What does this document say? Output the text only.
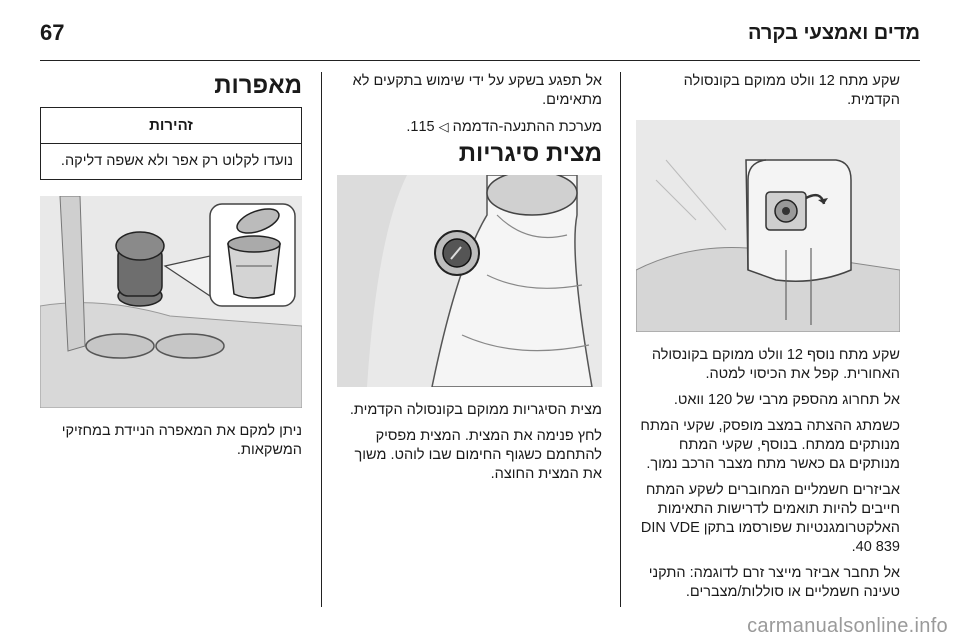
67	מדים ואמצעי בקרה

שקע מתח 12 וולט ממוקם בקונסולה הקדמית.

שקע מתח נוסף 12 וולט ממוקם בקונסולה האחורית. קפל את הכיסוי למטה.

אל תחרוג מהספק מרבי של 120 וואט.

כשמתג ההצתה במצב מופסק, שקעי המתח מנותקים ממתח. בנוסף, שקעי המתח מנותקים גם כאשר מתח מצבר הרכב נמוך.

אביזרים חשמליים המחוברים לשקע המתח חייבים להיות תואמים לדרישות התאימות האלקטרומגנטיות שפורסמו בתקן DIN VDE 40 839.

אל תחבר אביזר מייצר זרם לדוגמה: התקני טעינה חשמליים או סוללות/מצברים.

אל תפגע בשקע על ידי שימוש בתקעים לא מתאימים.

מערכת ההתנעה-הדממה ◁ 115.

מצית סיגריות

מצית הסיגריות ממוקם בקונסולה הקדמית.

לחץ פנימה את המצית. המצית מפסיק להתחמם כשגוף החימום שבו לוהט. משוך את המצית החוצה.

מאפרות
זהירות
נועדו לקלוט רק אפר ולא אשפה דליקה.

ניתן למקם את המאפרה הניידת במחזיקי המשקאות.

carmanualsonline.info
